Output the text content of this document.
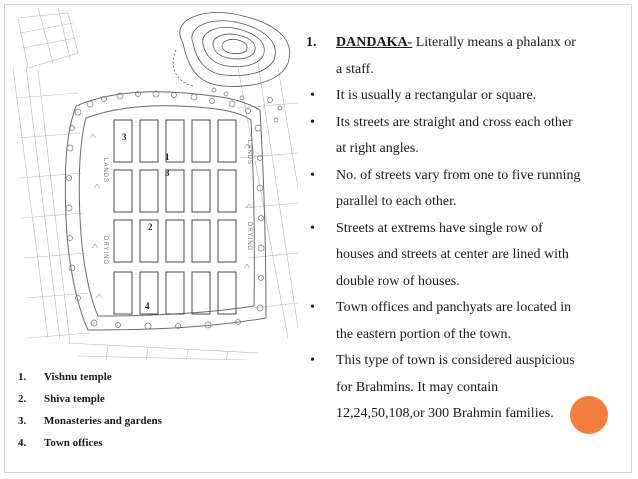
LANDS
DRYING
LANDS
DRYING
3
1
3
2
4
1.	Vishnu temple
2.	Shiva temple
3.	Monasteries and gardens
4.	Town offices
1.	DANDAKA- Literally means a phalanx or
a staff.
•	It is usually a rectangular or square.
•	Its streets are straight and cross each other
at right angles.
•	No. of streets vary from one to five running
parallel to each other.
•	Streets at extrems have single row of
houses and streets at center are lined with
double row of houses.
•	Town offices and panchyats are located in
the eastern portion of the town.
•	This type of town is considered auspicious
for Brahmins. It may contain
12,24,50,108,or 300 Brahmin families.
